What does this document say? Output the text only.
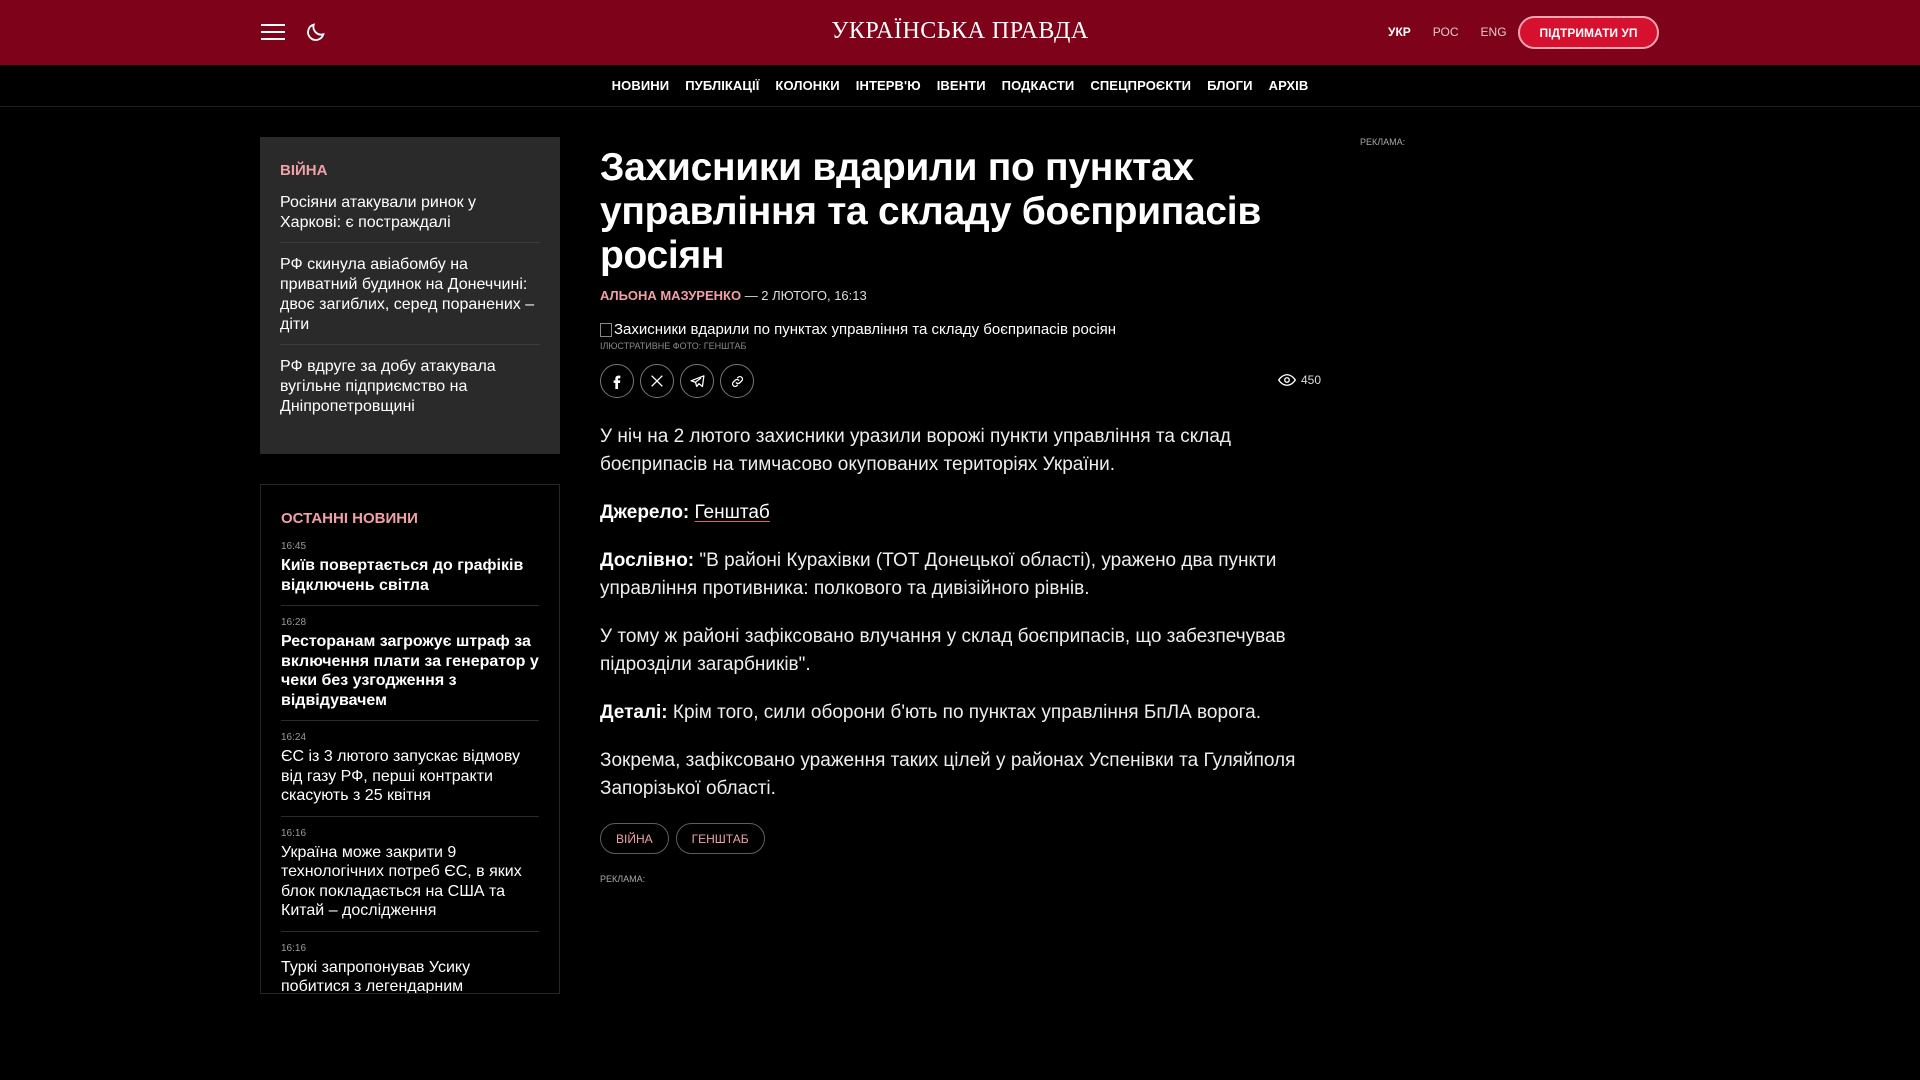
УКРАЇНСЬКА ПРАВДА	УКР РОС ENG	ПІДТРИМАТИ УП
НОВИНИ ПУБЛІКАЦІЇ КОЛОНКИ ІНТЕРВ'Ю ІВЕНТИ ПОДКАСТИ СПЕЦПРОЄКТИ БЛОГИ АРХІВ
ВІЙНА
Росіяни атакували ринок у Харкові: є постраждалі
РФ скинула авіабомбу на приватний будинок на Донеччині: двоє загиблих, серед поранених – діти
РФ вдруге за добу атакувала вугільне підприємство на Дніпропетровщині
ОСТАННІ НОВИНИ
16:45
Київ повертається до графіків відключень світла
16:28
Ресторанам загрожує штраф за включення плати за генератор у чеки без узгодження з відвідувачем
16:24
ЄС із 3 лютого запускає відмову від газу РФ, перші контракти скасують з 25 квітня
16:16
Україна може закрити 9 технологічних потреб ЄС, в яких блок покладається на США та Китай – дослідження
16:16
Туркі запропонував Усику побитися з легендарним
Захисники вдарили по пунктах управління та складу боєприпасів росіян
АЛЬОНА МАЗУРЕНКО — 2 ЛЮТОГО, 16:13
Захисники вдарили по пунктах управління та складу боєприпасів росіян
ІЛЮСТРАТИВНЕ ФОТО: ГЕНШТАБ
450

У ніч на 2 лютого захисники уразили ворожі пункти управління та склад боєприпасів на тимчасово окупованих територіях України.

Джерело: Генштаб

Дослівно: "В районі Курахівки (ТОТ Донецької області), уражено два пункти управління противника: полкового та дивізійного рівнів.

У тому ж районі зафіксовано влучання у склад боєприпасів, що забезпечував підрозділи загарбників".

Деталі: Крім того, сили оборони б'ють по пунктах управління БпЛА ворога.

Зокрема, зафіксовано ураження таких цілей у районах Успенівки та Гуляйполя Запорізької області.

ВІЙНА	ГЕНШТАБ
РЕКЛАМА:
РЕКЛАМА:
